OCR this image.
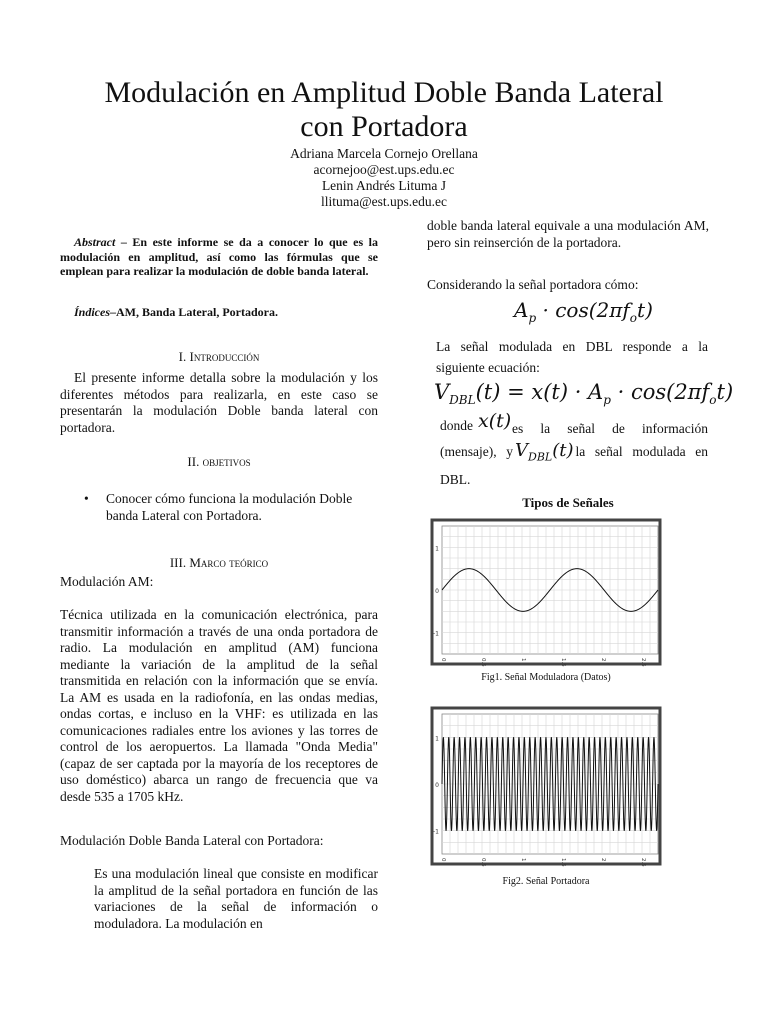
Modulación en Amplitud Doble Banda Lateral
con Portadora
Adriana Marcela Cornejo Orellana
acornejoo@est.ups.edu.ec
Lenin Andrés Lituma J
llituma@est.ups.edu.ec
Abstract – En este informe se da a conocer lo que es la modulación en amplitud, así como las fórmulas que se emplean para realizar la modulación de doble banda lateral.
Índices–AM, Banda Lateral, Portadora.
I. Introducción
El presente informe detalla sobre la modulación y los diferentes métodos para realizarla, en este caso se presentarán la modulación Doble banda lateral con portadora.
II. objetivos
• Conocer cómo funciona la modulación Doble banda Lateral con Portadora.
III. Marco teórico
Modulación AM:
Técnica utilizada en la comunicación electrónica, para transmitir información a través de una onda portadora de radio. La modulación en amplitud (AM) funciona mediante la variación de la amplitud de la señal transmitida en relación con la información que se envía. La AM es usada en la radiofonía, en las ondas medias, ondas cortas, e incluso en la VHF: es utilizada en las comunicaciones radiales entre los aviones y las torres de control de los aeropuertos. La llamada "Onda Media" (capaz de ser captada por la mayoría de los receptores de uso doméstico) abarca un rango de frecuencia que va desde 535 a 1705 kHz.
Modulación Doble Banda Lateral con Portadora:
Es una modulación lineal que consiste en modificar la amplitud de la señal portadora en función de las variaciones de la señal de información o moduladora. La modulación en
doble banda lateral equivale a una modulación AM, pero sin reinserción de la portadora.
Considerando la señal portadora cómo:
$A_p \cdot \cos(2\pi f_ot)$
La señal modulada en DBL responde a la siguiente ecuación:
$V_{DBL}(t) = x(t) \cdot A_p \cdot \cos(2\pi f_ot)$
donde x(t) es la señal de información (mensaje), y $V_{DBL}(t)$ la señal modulada en DBL.
Tipos de Señales
1
0
-1
0	0.5	1	1.5	2	2.5
Fig1. Señal Moduladora (Datos)
1
0
-1
0	0.5	1	1.5	2	2.5
Fig2. Señal Portadora
